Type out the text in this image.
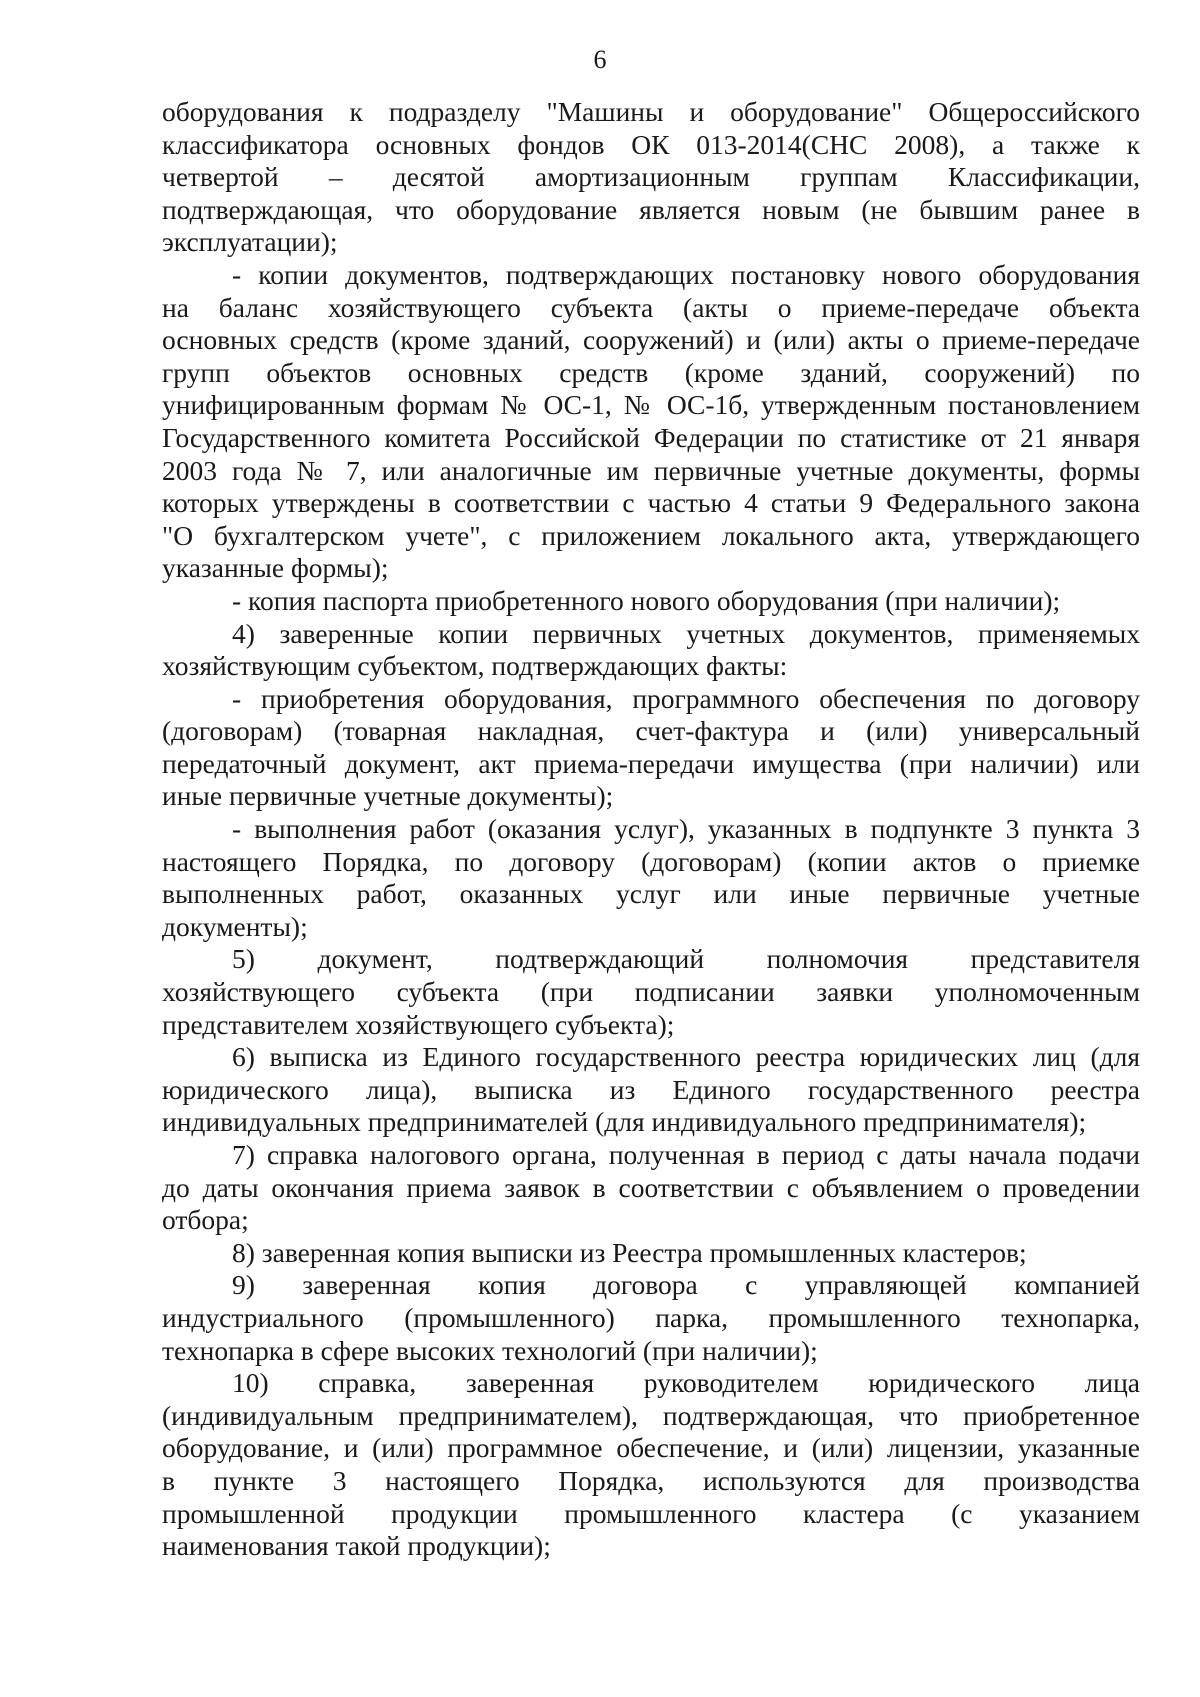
6
оборудования к подразделу "Машины и оборудование" Общероссийского
классификатора основных фондов ОК 013-2014(СНС 2008), а также к
четвертой – десятой амортизационным группам Классификации,
подтверждающая, что оборудование является новым (не бывшим ранее в
эксплуатации);
- копии документов, подтверждающих постановку нового оборудования
на баланс хозяйствующего субъекта (акты о приеме-передаче объекта
основных средств (кроме зданий, сооружений) и (или) акты о приеме-передаче
групп объектов основных средств (кроме зданий, сооружений) по
унифицированным формам № ОС-1, № ОС-1б, утвержденным постановлением
Государственного комитета Российской Федерации по статистике от 21 января
2003 года № 7, или аналогичные им первичные учетные документы, формы
которых утверждены в соответствии с частью 4 статьи 9 Федерального закона
"О бухгалтерском учете", с приложением локального акта, утверждающего
указанные формы);
- копия паспорта приобретенного нового оборудования (при наличии);
4) заверенные копии первичных учетных документов, применяемых
хозяйствующим субъектом, подтверждающих факты:
- приобретения оборудования, программного обеспечения по договору
(договорам) (товарная накладная, счет-фактура и (или) универсальный
передаточный документ, акт приема-передачи имущества (при наличии) или
иные первичные учетные документы);
- выполнения работ (оказания услуг), указанных в подпункте 3 пункта 3
настоящего Порядка, по договору (договорам) (копии актов о приемке
выполненных работ, оказанных услуг или иные первичные учетные
документы);
5) документ, подтверждающий полномочия представителя
хозяйствующего субъекта (при подписании заявки уполномоченным
представителем хозяйствующего субъекта);
6) выписка из Единого государственного реестра юридических лиц (для
юридического лица), выписка из Единого государственного реестра
индивидуальных предпринимателей (для индивидуального предпринимателя);
7) справка налогового органа, полученная в период с даты начала подачи
до даты окончания приема заявок в соответствии с объявлением о проведении
отбора;
8) заверенная копия выписки из Реестра промышленных кластеров;
9) заверенная копия договора с управляющей компанией
индустриального (промышленного) парка, промышленного технопарка,
технопарка в сфере высоких технологий (при наличии);
10) справка, заверенная руководителем юридического лица
(индивидуальным предпринимателем), подтверждающая, что приобретенное
оборудование, и (или) программное обеспечение, и (или) лицензии, указанные
в пункте 3 настоящего Порядка, используются для производства
промышленной продукции промышленного кластера (с указанием
наименования такой продукции);
